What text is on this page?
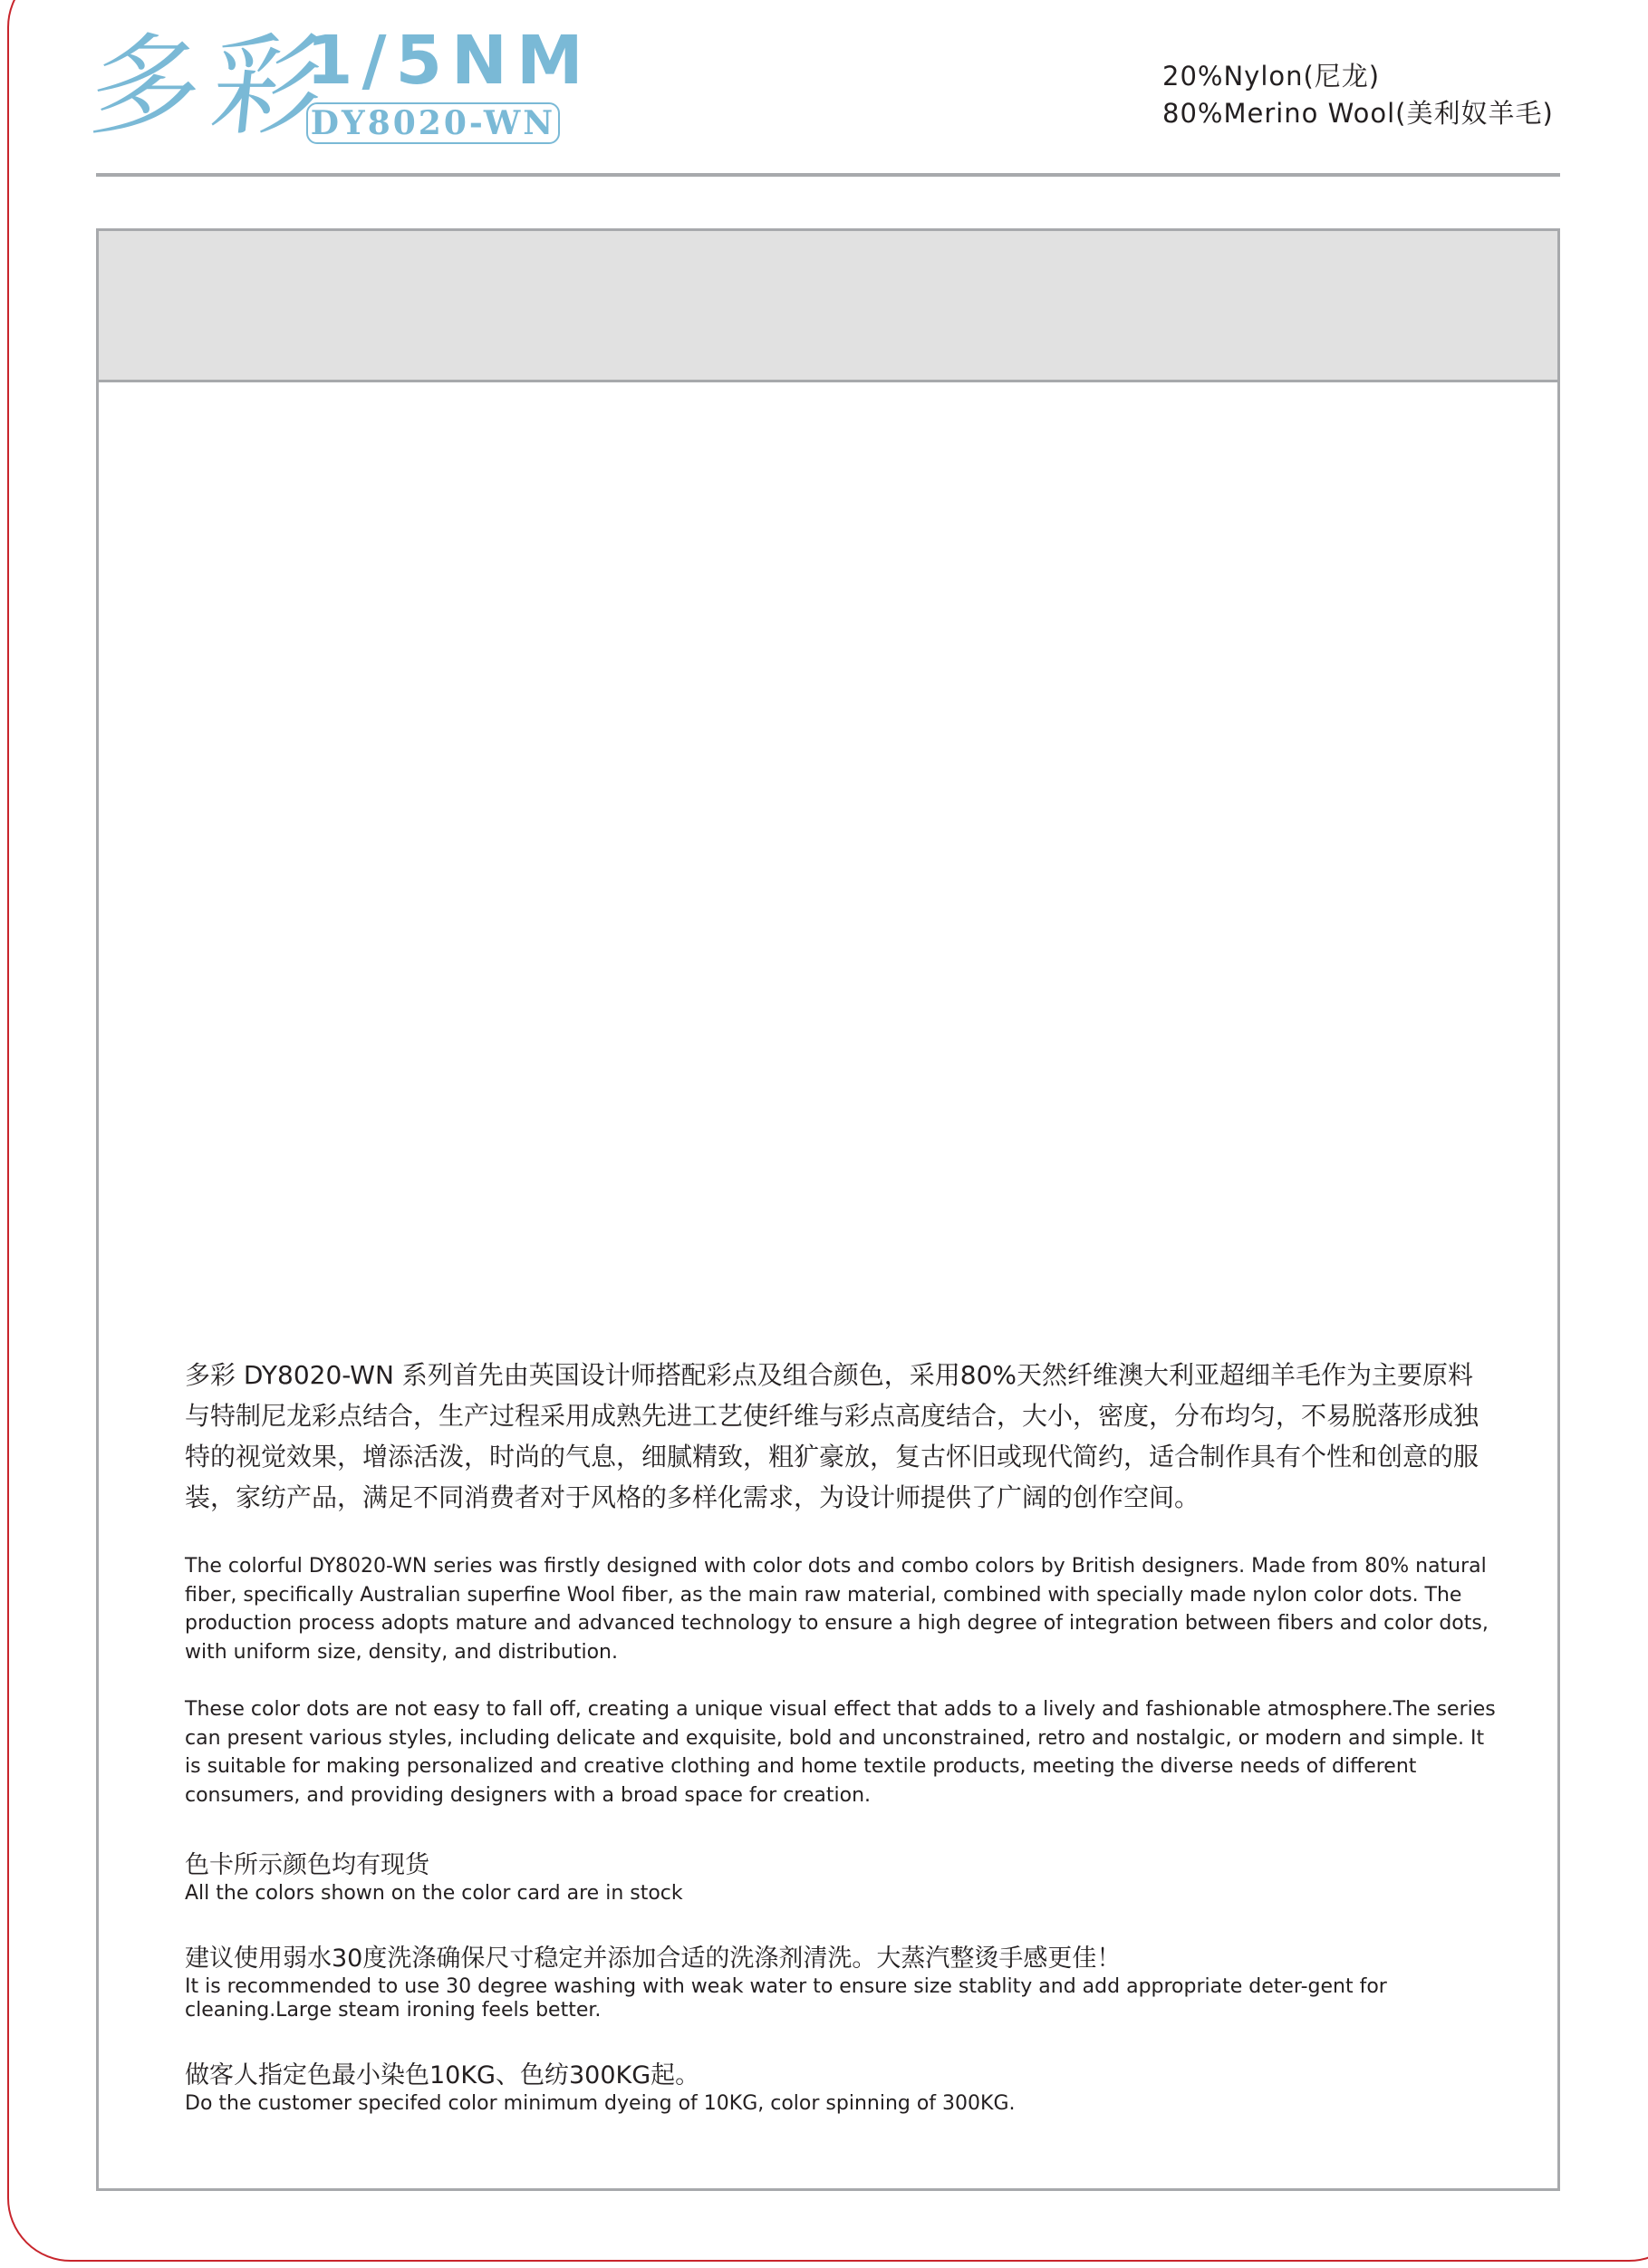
多彩
1/5NM
DY8020-WN
20%Nylon(尼龙)
80%Merino Wool(美利奴羊毛)
多彩 DY8020-WN 系列首先由英国设计师搭配彩点及组合颜色，采用80%天然纤维澳大利亚超细羊毛作为主要原料与特制尼龙彩点结合，生产过程采用成熟先进工艺使纤维与彩点高度结合，大小，密度，分布均匀，不易脱落形成独特的视觉效果，增添活泼，时尚的气息，细腻精致，粗犷豪放，复古怀旧或现代简约，适合制作具有个性和创意的服装，家纺产品，满足不同消费者对于风格的多样化需求，为设计师提供了广阔的创作空间。
The colorful DY8020-WN series was firstly designed with color dots and combo colors by British designers. Made from 80% natural fiber, specifically Australian superfine Wool fiber, as the main raw material, combined with specially made nylon color dots. The production process adopts mature and advanced technology to ensure a high degree of integration between fibers and color dots, with uniform size, density, and distribution.
These color dots are not easy to fall off, creating a unique visual effect that adds to a lively and fashionable atmosphere.The series can present various styles, including delicate and exquisite, bold and unconstrained, retro and nostalgic, or modern and simple. It is suitable for making personalized and creative clothing and home textile products, meeting the diverse needs of different consumers, and providing designers with a broad space for creation.
色卡所示颜色均有现货
All the colors shown on the color card are in stock
建议使用弱水30度洗涤确保尺寸稳定并添加合适的洗涤剂清洗。大蒸汽整烫手感更佳！
It is recommended to use 30 degree washing with weak water to ensure size stablity and add appropriate deter-gent for cleaning.Large steam ironing feels better.
做客人指定色最小染色10KG、色纺300KG起。
Do the customer specifed color minimum dyeing of 10KG, color spinning of 300KG.
